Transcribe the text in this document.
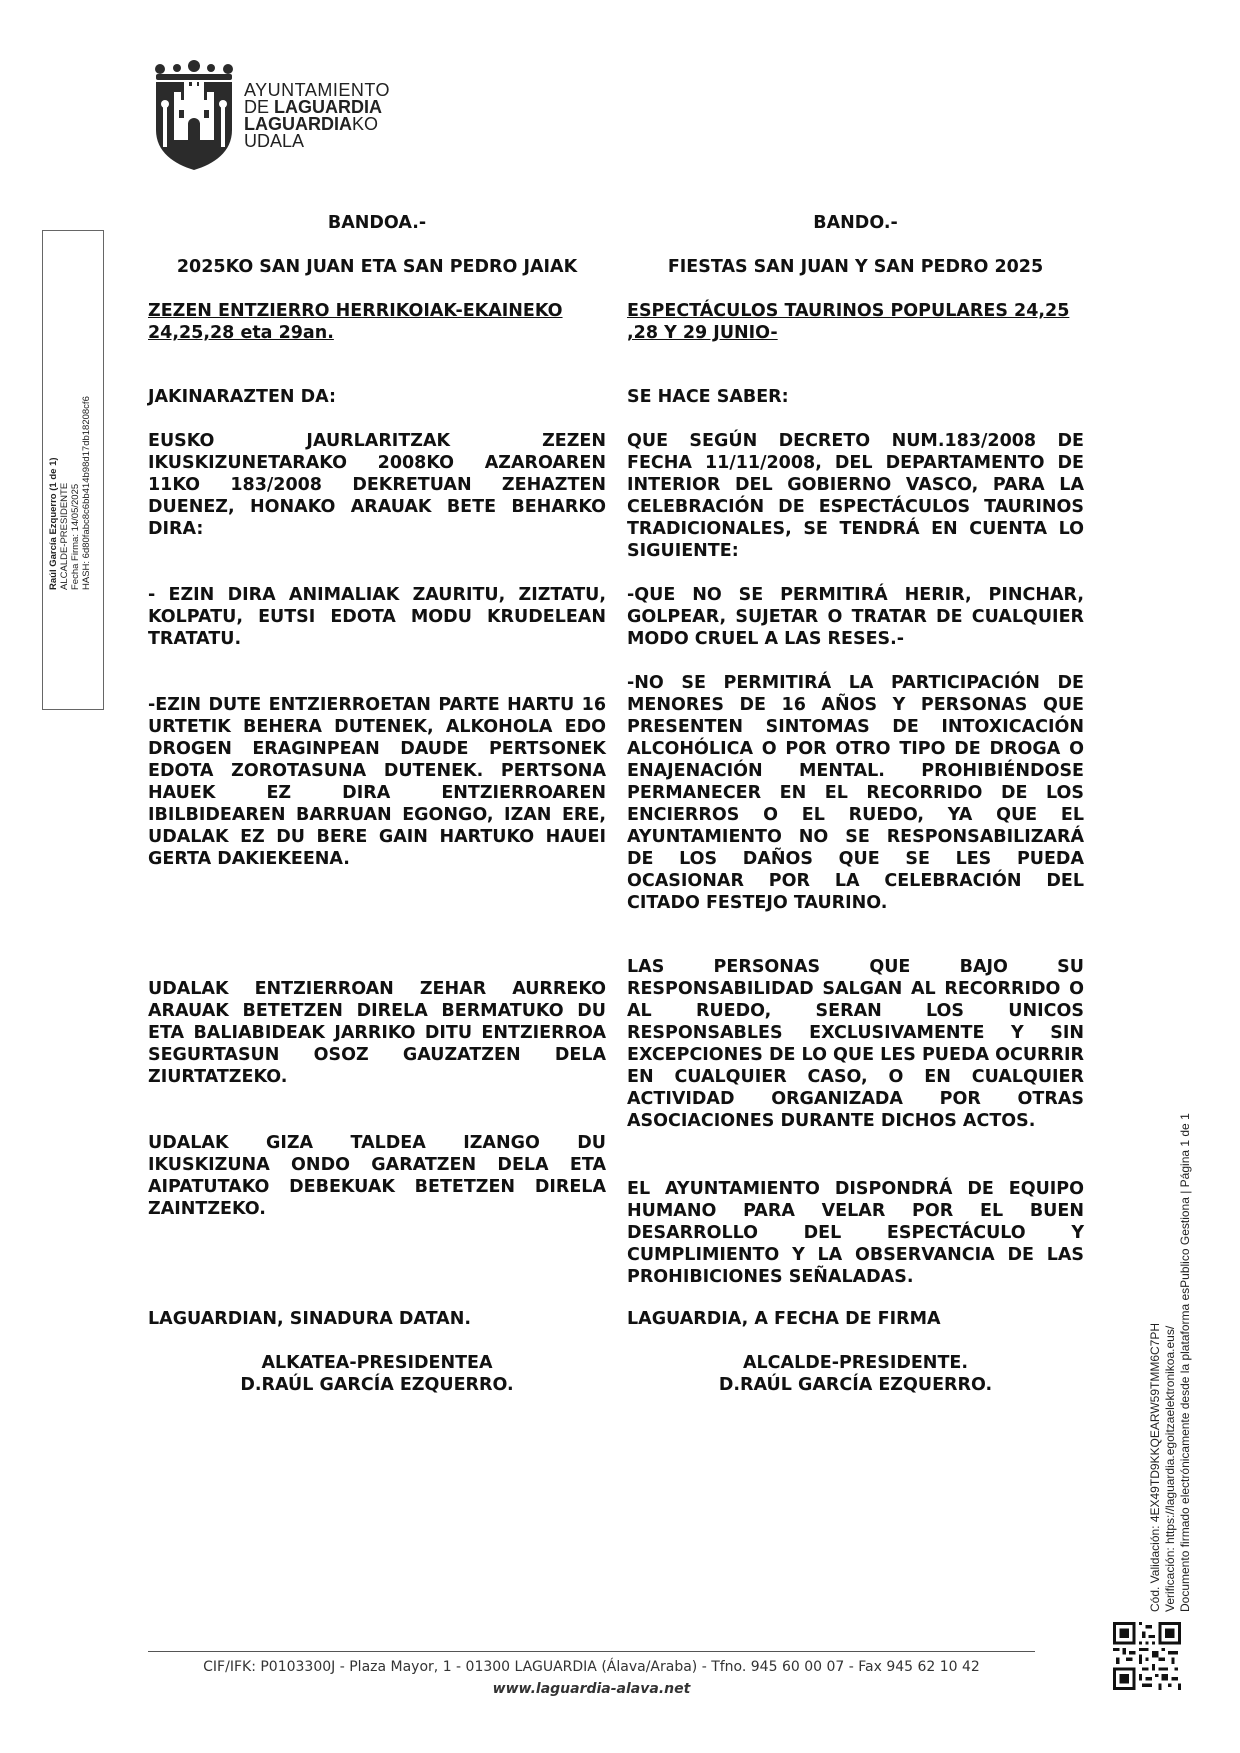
AYUNTAMIENTO
DE LAGUARDIA
LAGUARDIAKO
UDALA
Raúl García Ezquerro (1 de 1) ALCALDE-PRESIDENTE Fecha Firma: 14/05/2025 HASH: 6d80fabc8c6bb414b98d17db18208cf6
BANDOA.-
2025KO SAN JUAN ETA SAN PEDRO JAIAK
ZEZEN ENTZIERRO HERRIKOIAK-EKAINEKO 24,25,28 eta 29an.
JAKINARAZTEN DA:
EUSKO JAURLARITZAK ZEZEN IKUSKIZUNETARAKO 2008KO AZAROAREN 11KO 183/2008 DEKRETUAN ZEHAZTEN DUENEZ, HONAKO ARAUAK BETE BEHARKO DIRA:
- EZIN DIRA ANIMALIAK ZAURITU, ZIZTATU, KOLPATU, EUTSI EDOTA MODU KRUDELEAN TRATATU.
-EZIN DUTE ENTZIERROETAN PARTE HARTU 16 URTETIK BEHERA DUTENEK, ALKOHOLA EDO DROGEN ERAGINPEAN DAUDE PERTSONEK EDOTA ZOROTASUNA DUTENEK. PERTSONA HAUEK EZ DIRA ENTZIERROAREN IBILBIDEAREN BARRUAN EGONGO, IZAN ERE, UDALAK EZ DU BERE GAIN HARTUKO HAUEI GERTA DAKIEKEENA.
UDALAK ENTZIERROAN ZEHAR AURREKO ARAUAK BETETZEN DIRELA BERMATUKO DU ETA BALIABIDEAK JARRIKO DITU ENTZIERROA SEGURTASUN OSOZ GAUZATZEN DELA ZIURTATZEKO.
UDALAK GIZA TALDEA IZANGO DU IKUSKIZUNA ONDO GARATZEN DELA ETA AIPATUTAKO DEBEKUAK BETETZEN DIRELA ZAINTZEKO.
LAGUARDIAN, SINADURA DATAN.
ALKATEA-PRESIDENTEA
D.RAÚL GARCÍA EZQUERRO.
BANDO.-
FIESTAS SAN JUAN Y SAN PEDRO 2025
ESPECTÁCULOS TAURINOS POPULARES 24,25 ,28 Y 29 JUNIO-
SE HACE SABER:
QUE SEGÚN DECRETO NUM.183/2008 DE FECHA 11/11/2008, DEL DEPARTAMENTO DE INTERIOR DEL GOBIERNO VASCO, PARA LA CELEBRACIÓN DE ESPECTÁCULOS TAURINOS TRADICIONALES, SE TENDRÁ EN CUENTA LO SIGUIENTE:
-QUE NO SE PERMITIRÁ HERIR, PINCHAR, GOLPEAR, SUJETAR O TRATAR DE CUALQUIER MODO CRUEL A LAS RESES.-
-NO SE PERMITIRÁ LA PARTICIPACIÓN DE MENORES DE 16 AÑOS Y PERSONAS QUE PRESENTEN SINTOMAS DE INTOXICACIÓN ALCOHÓLICA O POR OTRO TIPO DE DROGA O ENAJENACIÓN MENTAL. PROHIBIÉNDOSE PERMANECER EN EL RECORRIDO DE LOS ENCIERROS O EL RUEDO, YA QUE EL AYUNTAMIENTO NO SE RESPONSABILIZARÁ DE LOS DAÑOS QUE SE LES PUEDA OCASIONAR POR LA CELEBRACIÓN DEL CITADO FESTEJO TAURINO.
LAS PERSONAS QUE BAJO SU RESPONSABILIDAD SALGAN AL RECORRIDO O AL RUEDO, SERAN LOS UNICOS RESPONSABLES EXCLUSIVAMENTE Y SIN EXCEPCIONES DE LO QUE LES PUEDA OCURRIR EN CUALQUIER CASO, O EN CUALQUIER ACTIVIDAD ORGANIZADA POR OTRAS ASOCIACIONES DURANTE DICHOS ACTOS.
EL AYUNTAMIENTO DISPONDRÁ DE EQUIPO HUMANO PARA VELAR POR EL BUEN DESARROLLO DEL ESPECTÁCULO Y CUMPLIMIENTO Y LA OBSERVANCIA DE LAS PROHIBICIONES SEÑALADAS.
LAGUARDIA, A FECHA DE FIRMA
ALCALDE-PRESIDENTE.
D.RAÚL GARCÍA EZQUERRO.	Cód. Validación: 4EX49TD9KKQEARW59TMM6C7PH Verificación: https://laguardia.egoitzaelektronikoa.eus/ Documento firmado electrónicamente desde la plataforma esPublico Gestiona | Página 1 de 1
CIF/IFK: P0103300J - Plaza Mayor, 1 - 01300 LAGUARDIA (Álava/Araba) - Tfno. 945 60 00 07 - Fax 945 62 10 42
www.laguardia-alava.net
